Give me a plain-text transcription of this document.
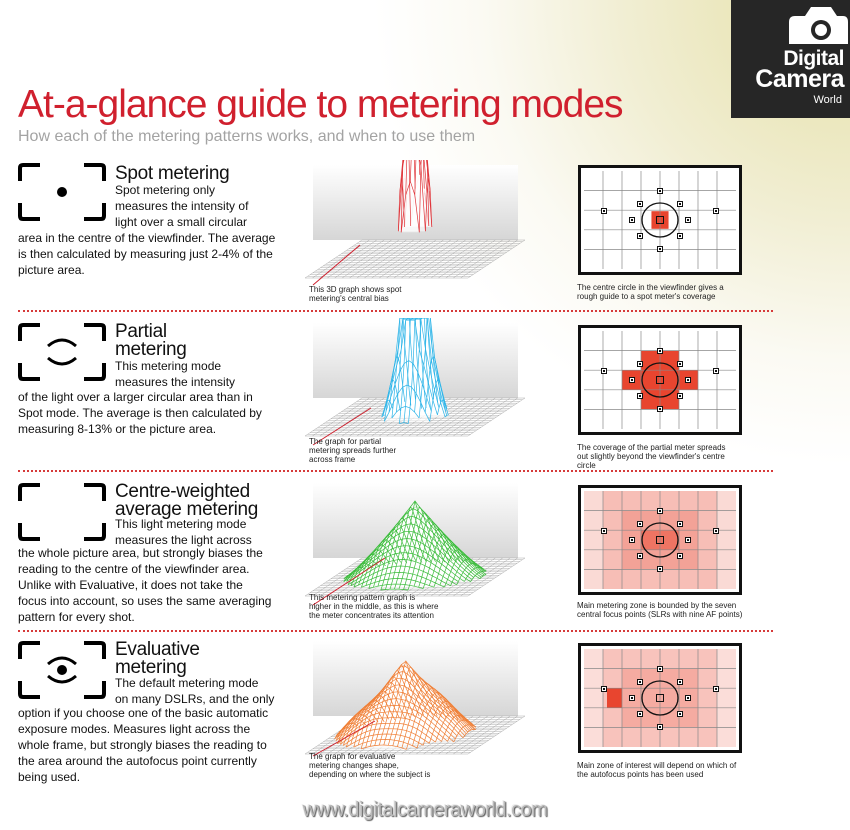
Digital
Camera
World
At-a-glance guide to metering modes
How each of the metering patterns works, and when to use them
Spot metering
Spot metering only
measures the intensity of
light over a small circular
area in the centre of the viewfinder. The average
is then calculated by measuring just 2-4% of the
picture area.
This 3D graph shows spot
metering's central bias
The centre circle in the viewfinder gives a
rough guide to a spot meter's coverage
Partial
metering
This metering mode
measures the intensity
of the light over a larger circular area than in
Spot mode. The average is then calculated by
measuring 8-13% or the picture area.
The graph for partial
metering spreads further
across frame
The coverage of the partial meter spreads
out slightly beyond the viewfinder's centre
circle
Centre-weighted
average metering
This light metering mode
measures the light across
the whole picture area, but strongly biases the
reading to the centre of the viewfinder area.
Unlike with Evaluative, it does not take the
focus into account, so uses the same averaging
pattern for every shot.
This metering pattern graph is
higher in the middle, as this is where
the meter concentrates its attention
Main metering zone is bounded by the seven
central focus points (SLRs with nine AF points)
Evaluative
metering
The default metering mode
on many DSLRs, and the only
option if you choose one of the basic automatic
exposure modes. Measures light across the
whole frame, but strongly biases the reading to
the area around the autofocus point currently
being used.
The graph for evaluative
metering changes shape,
depending on where the subject is
Main zone of interest will depend on which of
the autofocus points has been used
www.digitalcameraworld.com
